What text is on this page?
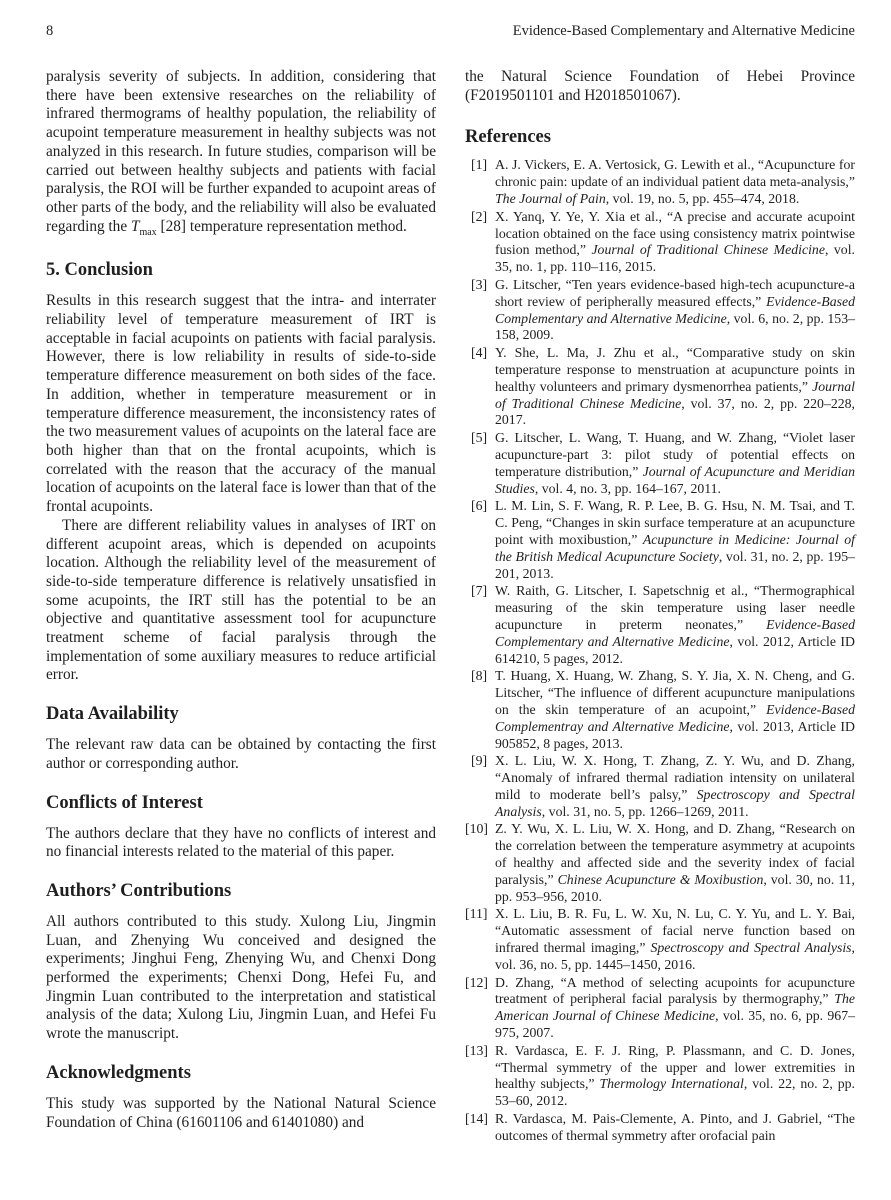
8	Evidence-Based Complementary and Alternative Medicine

paralysis severity of subjects. In addition, considering that there have been extensive researches on the reliability of infrared thermograms of healthy population, the reliability of acupoint temperature measurement in healthy subjects was not analyzed in this research. In future studies, comparison will be carried out between healthy subjects and patients with facial paralysis, the ROI will be further expanded to acupoint areas of other parts of the body, and the reliability will also be evaluated regarding the $T_{max}$ [28] temperature representation method.

5. Conclusion

Results in this research suggest that the intra- and interrater reliability level of temperature measurement of IRT is acceptable in facial acupoints on patients with facial paralysis. However, there is low reliability in results of side-to-side temperature difference measurement on both sides of the face. In addition, whether in temperature measurement or in temperature difference measurement, the inconsistency rates of the two measurement values of acupoints on the lateral face are both higher than that on the frontal acupoints, which is correlated with the reason that the accuracy of the manual location of acupoints on the lateral face is lower than that of the frontal acupoints.

There are different reliability values in analyses of IRT on different acupoint areas, which is depended on acupoints location. Although the reliability level of the measurement of side-to-side temperature difference is relatively unsatisfied in some acupoints, the IRT still has the potential to be an objective and quantitative assessment tool for acupuncture treatment scheme of facial paralysis through the implementation of some auxiliary measures to reduce artificial error.

Data Availability

The relevant raw data can be obtained by contacting the first author or corresponding author.

Conflicts of Interest

The authors declare that they have no conflicts of interest and no financial interests related to the material of this paper.

Authors’ Contributions

All authors contributed to this study. Xulong Liu, Jingmin Luan, and Zhenying Wu conceived and designed the experiments; Jinghui Feng, Zhenying Wu, and Chenxi Dong performed the experiments; Chenxi Dong, Hefei Fu, and Jingmin Luan contributed to the interpretation and statistical analysis of the data; Xulong Liu, Jingmin Luan, and Hefei Fu wrote the manuscript.

Acknowledgments

This study was supported by the National Natural Science Foundation of China (61601106 and 61401080) and

the Natural Science Foundation of Hebei Province (F2019501101 and H2018501067).

References
[1] A. J. Vickers, E. A. Vertosick, G. Lewith et al., “Acupuncture for chronic pain: update of an individual patient data meta-analysis,” The Journal of Pain, vol. 19, no. 5, pp. 455–474, 2018.
[2] X. Yanq, Y. Ye, Y. Xia et al., “A precise and accurate acupoint location obtained on the face using consistency matrix pointwise fusion method,” Journal of Traditional Chinese Medicine, vol. 35, no. 1, pp. 110–116, 2015.
[3] G. Litscher, “Ten years evidence-based high-tech acupuncture-a short review of peripherally measured effects,” Evidence-Based Complementary and Alternative Medicine, vol. 6, no. 2, pp. 153–158, 2009.
[4] Y. She, L. Ma, J. Zhu et al., “Comparative study on skin temperature response to menstruation at acupuncture points in healthy volunteers and primary dysmenorrhea patients,” Journal of Traditional Chinese Medicine, vol. 37, no. 2, pp. 220–228, 2017.
[5] G. Litscher, L. Wang, T. Huang, and W. Zhang, “Violet laser acupuncture-part 3: pilot study of potential effects on temperature distribution,” Journal of Acupuncture and Meridian Studies, vol. 4, no. 3, pp. 164–167, 2011.
[6] L. M. Lin, S. F. Wang, R. P. Lee, B. G. Hsu, N. M. Tsai, and T. C. Peng, “Changes in skin surface temperature at an acupuncture point with moxibustion,” Acupuncture in Medicine: Journal of the British Medical Acupuncture Society, vol. 31, no. 2, pp. 195–201, 2013.
[7] W. Raith, G. Litscher, I. Sapetschnig et al., “Thermographical measuring of the skin temperature using laser needle acupuncture in preterm neonates,” Evidence-Based Complementary and Alternative Medicine, vol. 2012, Article ID 614210, 5 pages, 2012.
[8] T. Huang, X. Huang, W. Zhang, S. Y. Jia, X. N. Cheng, and G. Litscher, “The influence of different acupuncture manipulations on the skin temperature of an acupoint,” Evidence-Based Complementray and Alternative Medicine, vol. 2013, Article ID 905852, 8 pages, 2013.
[9] X. L. Liu, W. X. Hong, T. Zhang, Z. Y. Wu, and D. Zhang, “Anomaly of infrared thermal radiation intensity on unilateral mild to moderate bell’s palsy,” Spectroscopy and Spectral Analysis, vol. 31, no. 5, pp. 1266–1269, 2011.
[10] Z. Y. Wu, X. L. Liu, W. X. Hong, and D. Zhang, “Research on the correlation between the temperature asymmetry at acupoints of healthy and affected side and the severity index of facial paralysis,” Chinese Acupuncture & Moxibustion, vol. 30, no. 11, pp. 953–956, 2010.
[11] X. L. Liu, B. R. Fu, L. W. Xu, N. Lu, C. Y. Yu, and L. Y. Bai, “Automatic assessment of facial nerve function based on infrared thermal imaging,” Spectroscopy and Spectral Analysis, vol. 36, no. 5, pp. 1445–1450, 2016.
[12] D. Zhang, “A method of selecting acupoints for acupuncture treatment of peripheral facial paralysis by thermography,” The American Journal of Chinese Medicine, vol. 35, no. 6, pp. 967–975, 2007.
[13] R. Vardasca, E. F. J. Ring, P. Plassmann, and C. D. Jones, “Thermal symmetry of the upper and lower extremities in healthy subjects,” Thermology International, vol. 22, no. 2, pp. 53–60, 2012.
[14] R. Vardasca, M. Pais-Clemente, A. Pinto, and J. Gabriel, “The outcomes of thermal symmetry after orofacial pain
